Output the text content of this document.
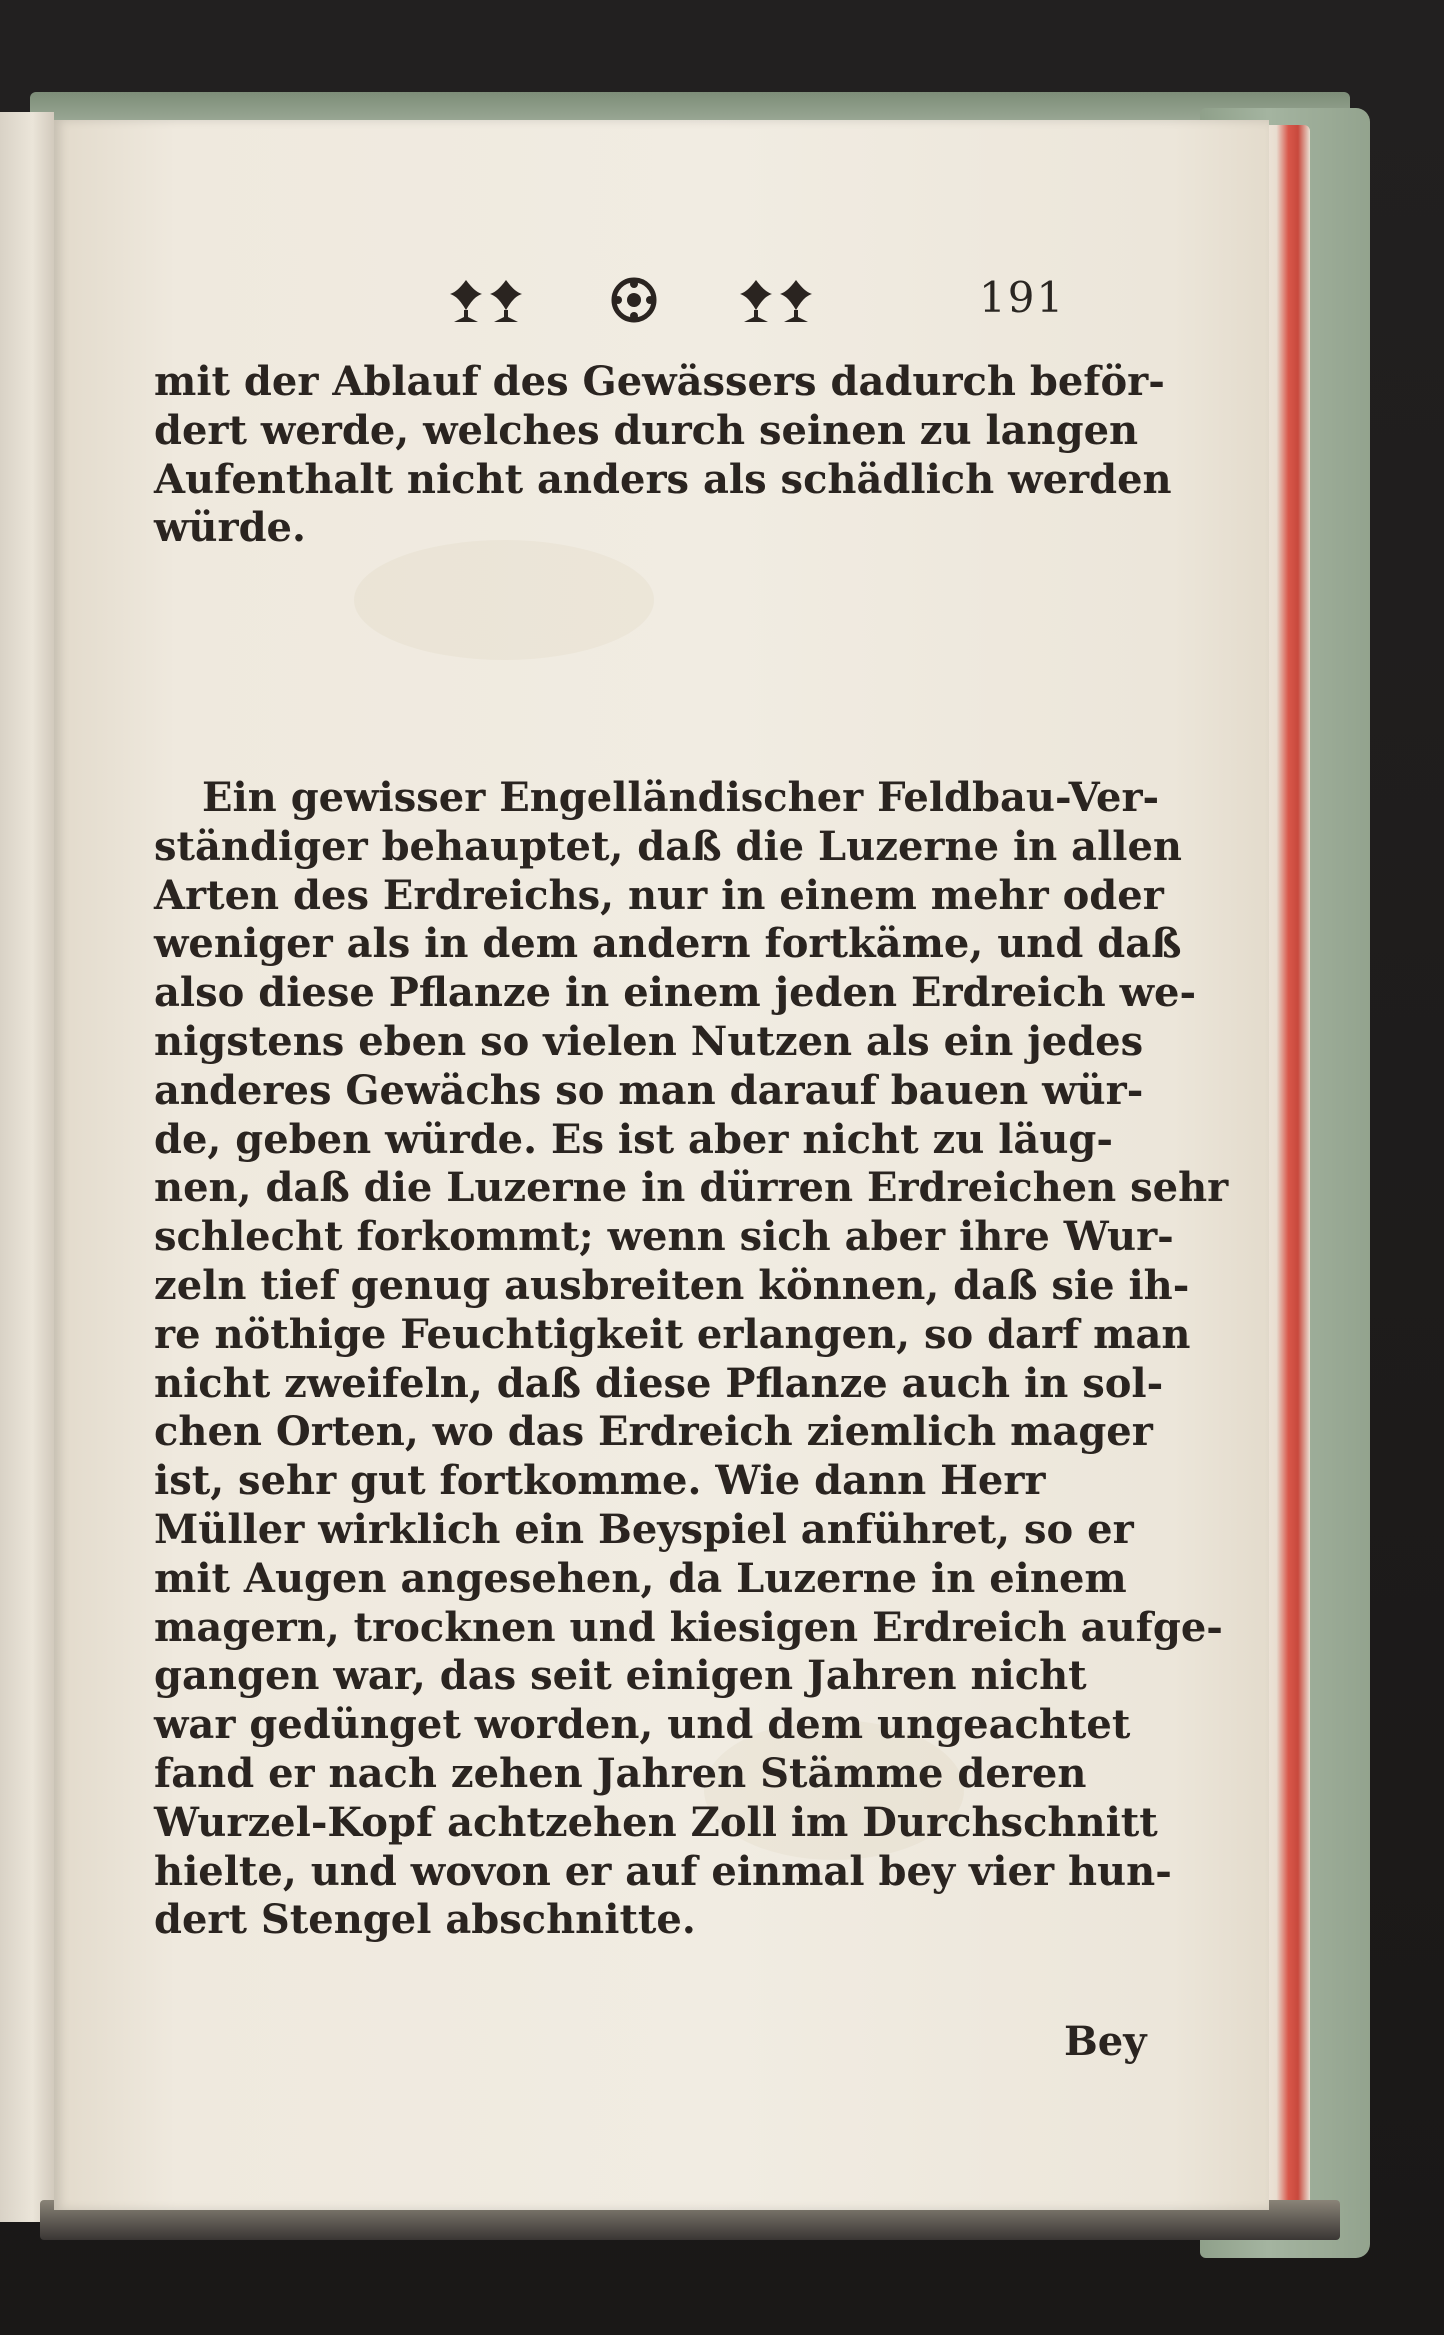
191

mit der Ablauf des Gewässers dadurch beför-

dert werde, welches durch seinen zu langen

Aufenthalt nicht anders als schädlich werden

würde.

Ein gewisser Engelländischer Feldbau-Ver-

ständiger behauptet, daß die Luzerne in allen

Arten des Erdreichs, nur in einem mehr oder

weniger als in dem andern fortkäme, und daß

also diese Pflanze in einem jeden Erdreich we-

nigstens eben so vielen Nutzen als ein jedes

anderes Gewächs so man darauf bauen wür-

de, geben würde. Es ist aber nicht zu läug-

nen, daß die Luzerne in dürren Erdreichen sehr

schlecht forkommt; wenn sich aber ihre Wur-

zeln tief genug ausbreiten können, daß sie ih-

re nöthige Feuchtigkeit erlangen, so darf man

nicht zweifeln, daß diese Pflanze auch in sol-

chen Orten, wo das Erdreich ziemlich mager

ist, sehr gut fortkomme. Wie dann Herr

Müller wirklich ein Beyspiel anführet, so er

mit Augen angesehen, da Luzerne in einem

magern, trocknen und kiesigen Erdreich aufge-

gangen war, das seit einigen Jahren nicht

war gedünget worden, und dem ungeachtet

fand er nach zehen Jahren Stämme deren

Wurzel-Kopf achtzehen Zoll im Durchschnitt

hielte, und wovon er auf einmal bey vier hun-

dert Stengel abschnitte.

Bey
